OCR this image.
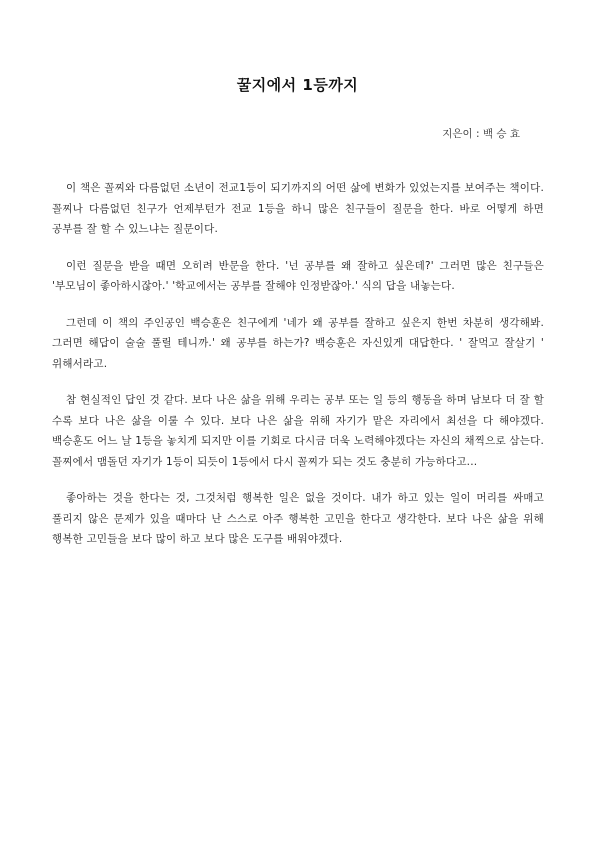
꿀지에서 1등까지
지은이 : 백 승 효

이 책은 꼴찌와 다름없던 소년이 전교1등이 되기까지의 어떤 삶에 변화가 있었는지를 보여주는 책이다. 꼴찌나 다름없던 친구가 언제부턴가 전교 1등을 하니 많은 친구들이 질문을 한다. 바로 어떻게 하면 공부를 잘 할 수 있느냐는 질문이다.

이런 질문을 받을 때면 오히려 반문을 한다. '넌 공부를 왜 잘하고 싶은데?' 그러면 많은 친구들은 '부모님이 좋아하시잖아.' '학교에서는 공부를 잘해야 인정받잖아.' 식의 답을 내놓는다.

그런데 이 책의 주인공인 백승훈은 친구에게 '네가 왜 공부를 잘하고 싶은지 한번 차분히 생각해봐. 그러면 해답이 술술 풀릴 테니까.' 왜 공부를 하는가? 백승훈은 자신있게 대답한다. ' 잘먹고 잘살기 ' 위해서라고.

참 현실적인 답인 것 같다. 보다 나은 삶을 위해 우리는 공부 또는 일 등의 행동을 하며 남보다 더 잘 할 수록 보다 나은 삶을 이룰 수 있다. 보다 나은 삶을 위해 자기가 맡은 자리에서 최선을 다 해야겠다. 백승훈도 어느 날 1등을 놓치게 되지만 이를 기회로 다시금 더욱 노력해야겠다는 자신의 채찍으로 삼는다. 꼴찌에서 맴돌던 자기가 1등이 되듯이 1등에서 다시 꼴찌가 되는 것도 충분히 가능하다고...

좋아하는 것을 한다는 것, 그것처럼 행복한 일은 없을 것이다. 내가 하고 있는 일이 머리를 싸매고 풀리지 않은 문제가 있을 때마다 난 스스로 아주 행복한 고민을 한다고 생각한다. 보다 나은 삶을 위해 행복한 고민들을 보다 많이 하고 보다 많은 도구를 배워야겠다.
